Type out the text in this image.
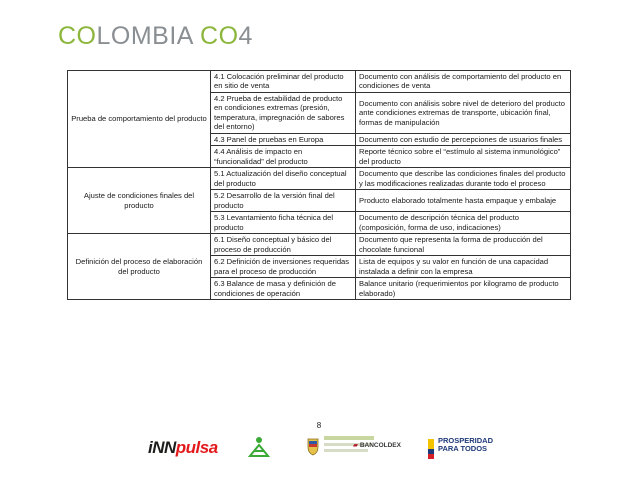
COLOMBIA CO4
Prueba de comportamiento del producto	4.1 Colocación preliminar del producto en sitio de venta	Documento con análisis de comportamiento del producto en condiciones de venta
	4.2 Prueba de estabilidad de producto en condiciones extremas (presión, temperatura, impregnación de sabores del entorno)	Documento con análisis sobre nivel de deterioro del producto ante condiciones extremas de transporte, ubicación final, formas de manipulación
	4.3 Panel de pruebas en Europa	Documento con estudio de percepciones de usuarios finales
	4.4 Análisis de impacto en “funcionalidad” del producto	Reporte técnico sobre el “estímulo al sistema inmunológico” del producto
Ajuste de condiciones finales del producto	5.1 Actualización del diseño conceptual del producto	Documento que describe las condiciones finales del producto y las modificaciones realizadas durante todo el proceso
	5.2 Desarrollo de la versión final del producto	Producto elaborado totalmente hasta empaque y embalaje
	5.3 Levantamiento ficha técnica del producto	Documento de descripción técnica del producto (composición, forma de uso, indicaciones)
Definición del proceso de elaboración del producto	6.1 Diseño conceptual y básico del proceso de producción	Documento que representa la forma de producción del chocolate funcional
	6.2 Definición de inversiones requeridas para el proceso de producción	Lista de equipos y su valor en función de una capacidad instalada a definir con la empresa
	6.3 Balance de masa y definición de condiciones de operación	Balance unitario (requerimientos por kilogramo de producto elaborado)
8
iNNpulsa	▰ BANCOLDEX
PROSPERIDAD
PARA TODOS
